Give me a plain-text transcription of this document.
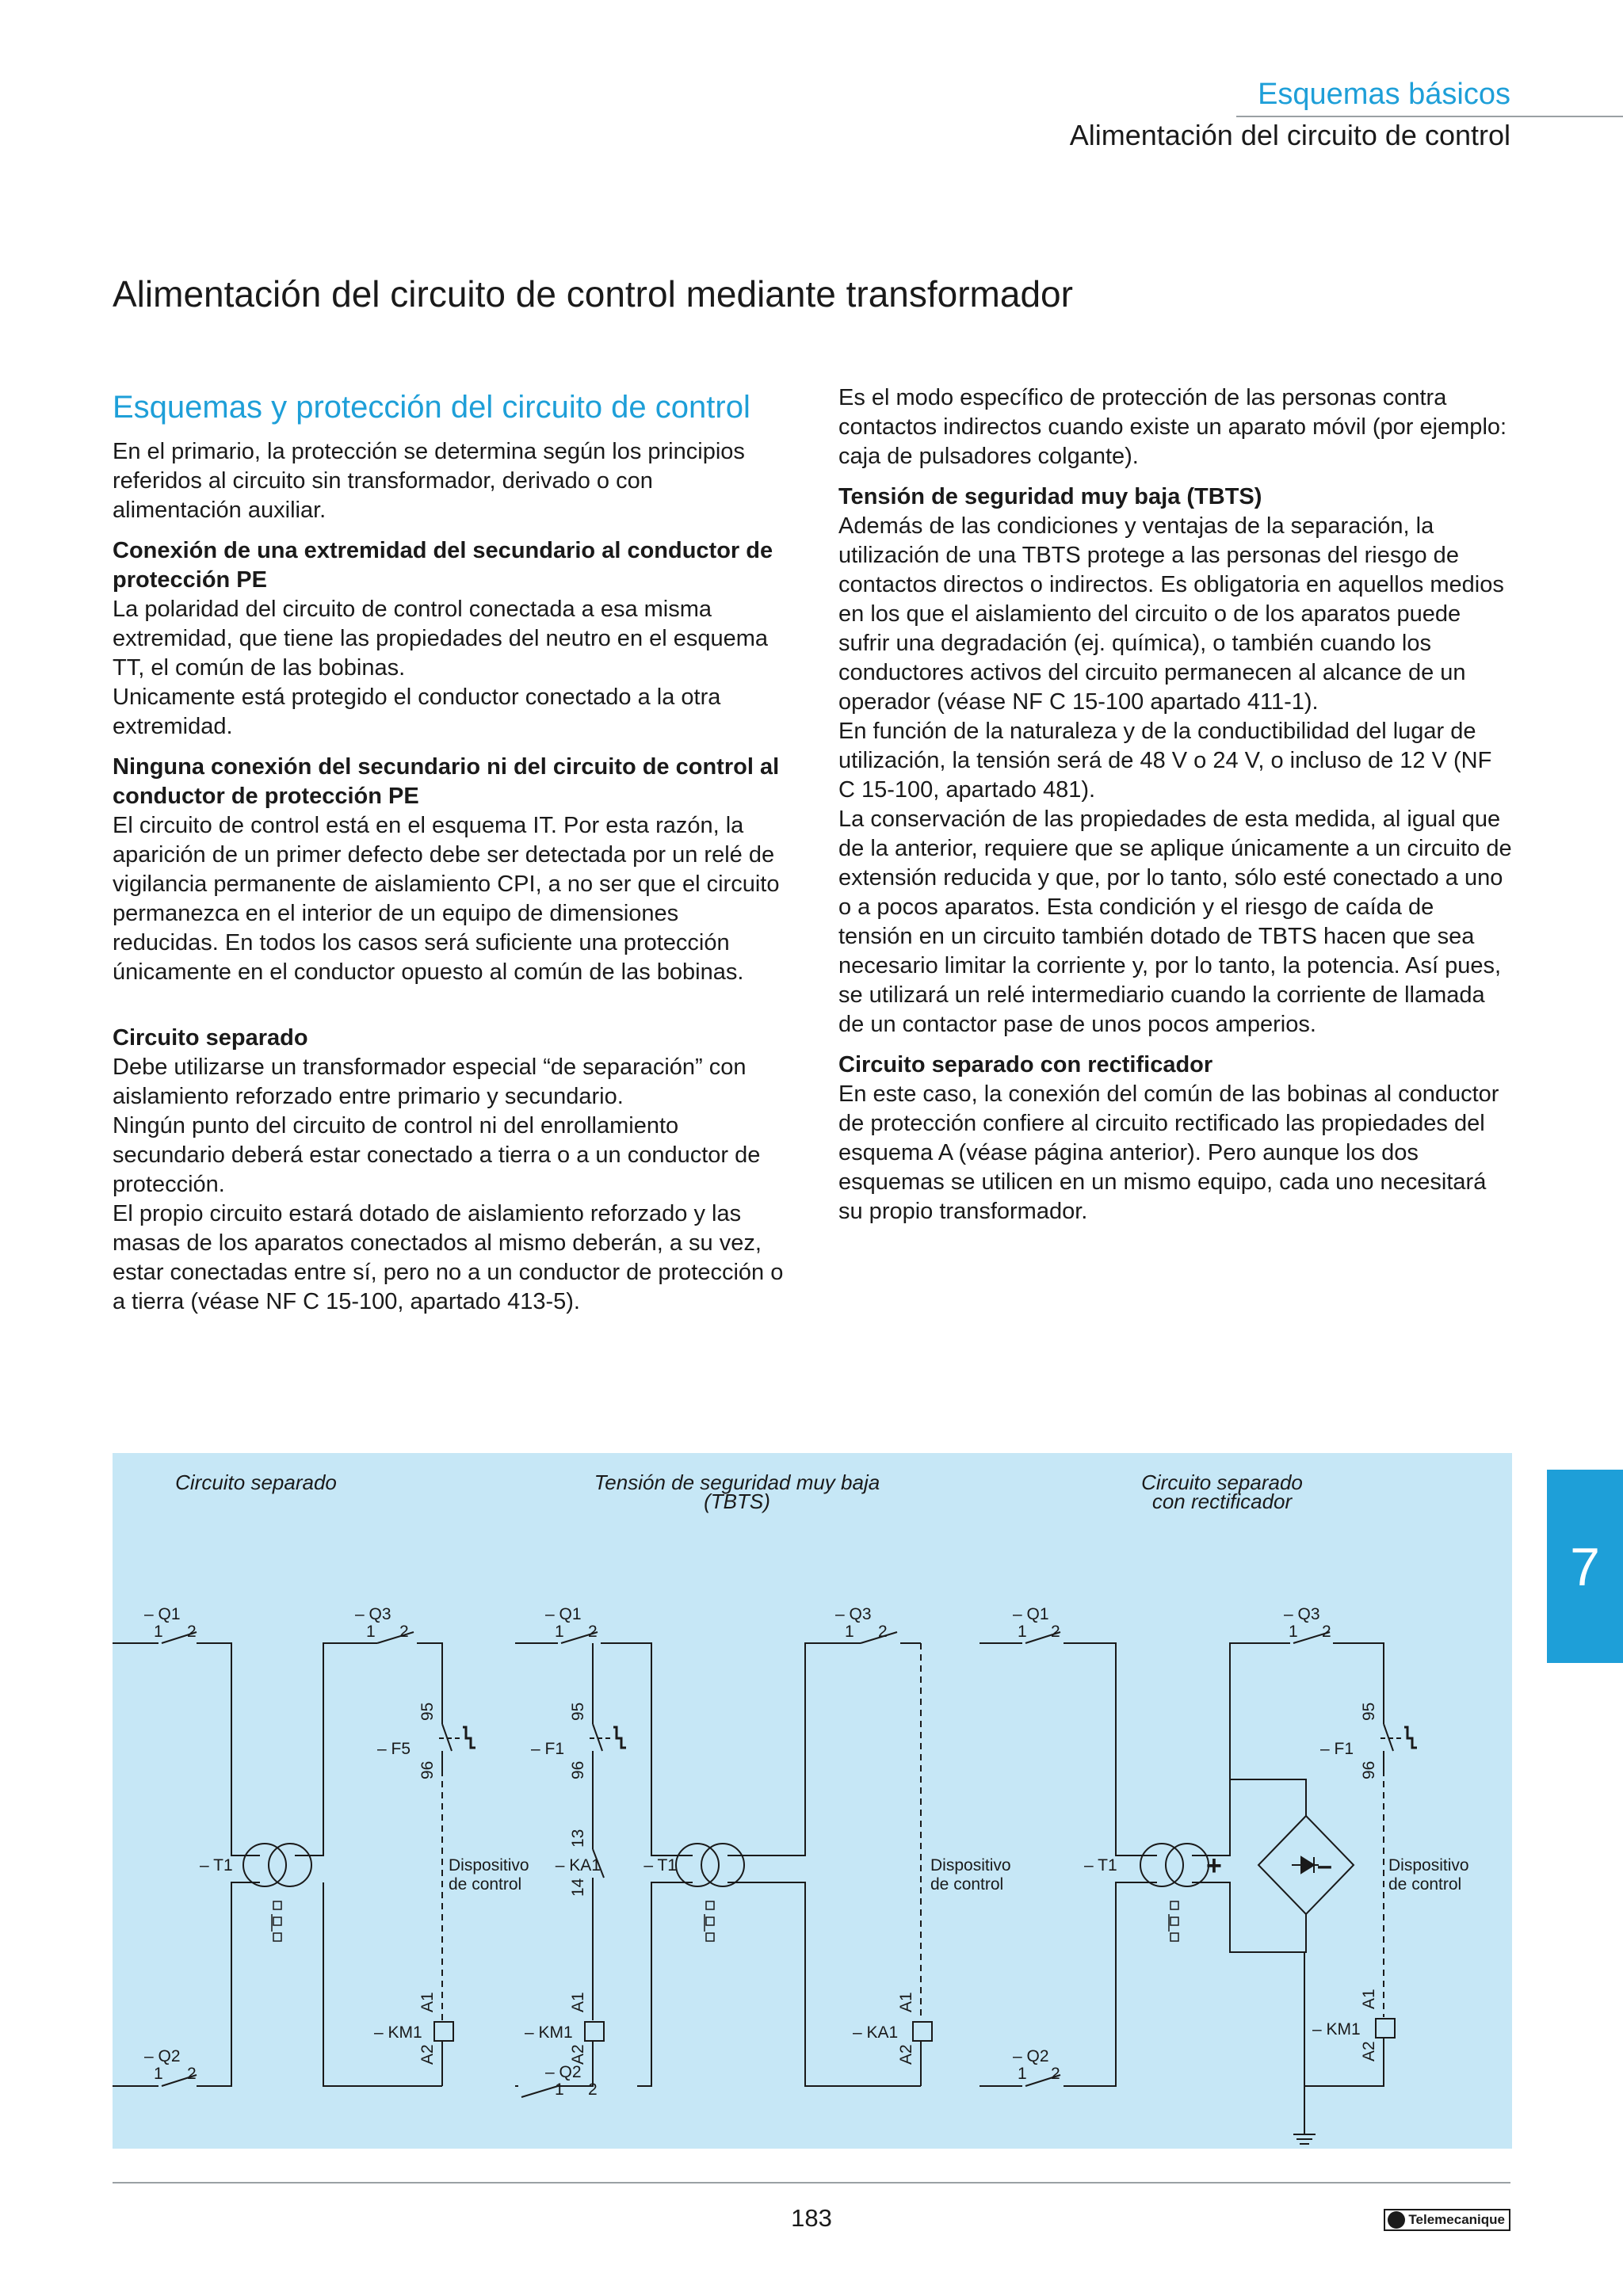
Esquemas básicos
Alimentación del circuito de control
Alimentación del circuito de control mediante transformador
Esquemas y protección del circuito de control

En el primario, la protección se determina según los principios referidos al circuito sin transformador, derivado o con alimentación auxiliar.

Conexión de una extremidad del secundario al conductor de protección PE

La polaridad del circuito de control conectada a esa misma extremidad, que tiene las propiedades del neutro en el esquema TT, el común de las bobinas.

Unicamente está protegido el conductor conectado a la otra extremidad.

Ninguna conexión del secundario ni del circuito de control al conductor de protección PE

El circuito de control está en el esquema IT. Por esta razón, la aparición de un primer defecto debe ser detectada por un relé de vigilancia permanente de aislamiento CPI, a no ser que el circuito permanezca en el interior de un equipo de dimensiones reducidas. En todos los casos será suficiente una protección únicamente en el conductor opuesto al común de las bobinas.

Circuito separado

Debe utilizarse un transformador especial “de separación” con aislamiento reforzado entre primario y secundario.

Ningún punto del circuito de control ni del enrollamiento secundario deberá estar conectado a tierra o a un conductor de protección.

El propio circuito estará dotado de aislamiento reforzado y las masas de los aparatos conectados al mismo deberán, a su vez, estar conectadas entre sí, pero no a un conductor de protección o a tierra (véase NF C 15-100, apartado 413-5).

Es el modo específico de protección de las personas contra contactos indirectos cuando existe un aparato móvil (por ejemplo: caja de pulsadores colgante).

Tensión de seguridad muy baja (TBTS)

Además de las condiciones y ventajas de la separación, la utilización de una TBTS protege a las personas del riesgo de contactos directos o indirectos. Es obligatoria en aquellos medios en los que el aislamiento del circuito o de los aparatos puede sufrir una degradación (ej. química), o también cuando los conductores activos del circuito permanecen al alcance de un operador (véase NF C 15-100 apartado 411-1).

En función de la naturaleza y de la conductibilidad del lugar de utilización, la tensión será de 48 V o 24 V, o incluso de 12 V (NF C 15-100, apartado 481).

La conservación de las propiedades de esta medida, al igual que de la anterior, requiere que se aplique únicamente a un circuito de extensión reducida y que, por lo tanto, sólo esté conectado a uno o a pocos aparatos. Esta condición y el riesgo de caída de tensión en un circuito también dotado de TBTS hacen que sea necesario limitar la corriente y, por lo tanto, la potencia. Así pues, se utilizará un relé intermediario cuando la corriente de llamada de un contactor pase de unos pocos amperios.

Circuito separado con rectificador

En este caso, la conexión del común de las bobinas al conductor de protección confiere al circuito rectificado las propiedades del esquema A (véase página anterior). Pero aunque los dos esquemas se utilicen en un mismo equipo, cada uno necesitará su propio transformador.

7
Circuito separado	Tensión de seguridad muy baja
(TBTS)
Circuito separado
con rectificador
– Q1
1 2
– Q2
1 2
– Q3
1 2
– T1
– F5
95
96
Dispositivo
de control
– KM1
A1
A2
– Q1
1 2
– Q2
1 2
– Q3
1 2
– F1
95
96
– KA1
13
14
– T1
– KM1
A1
A2
Dispositivo
de control
– KA1
A1
A2
– Q1
1 2
– Q2
1 2
– Q3
1 2
– T1	+	–
– F1
95
96
Dispositivo
de control
– KM1
A1
A2
183	Telemecanique
